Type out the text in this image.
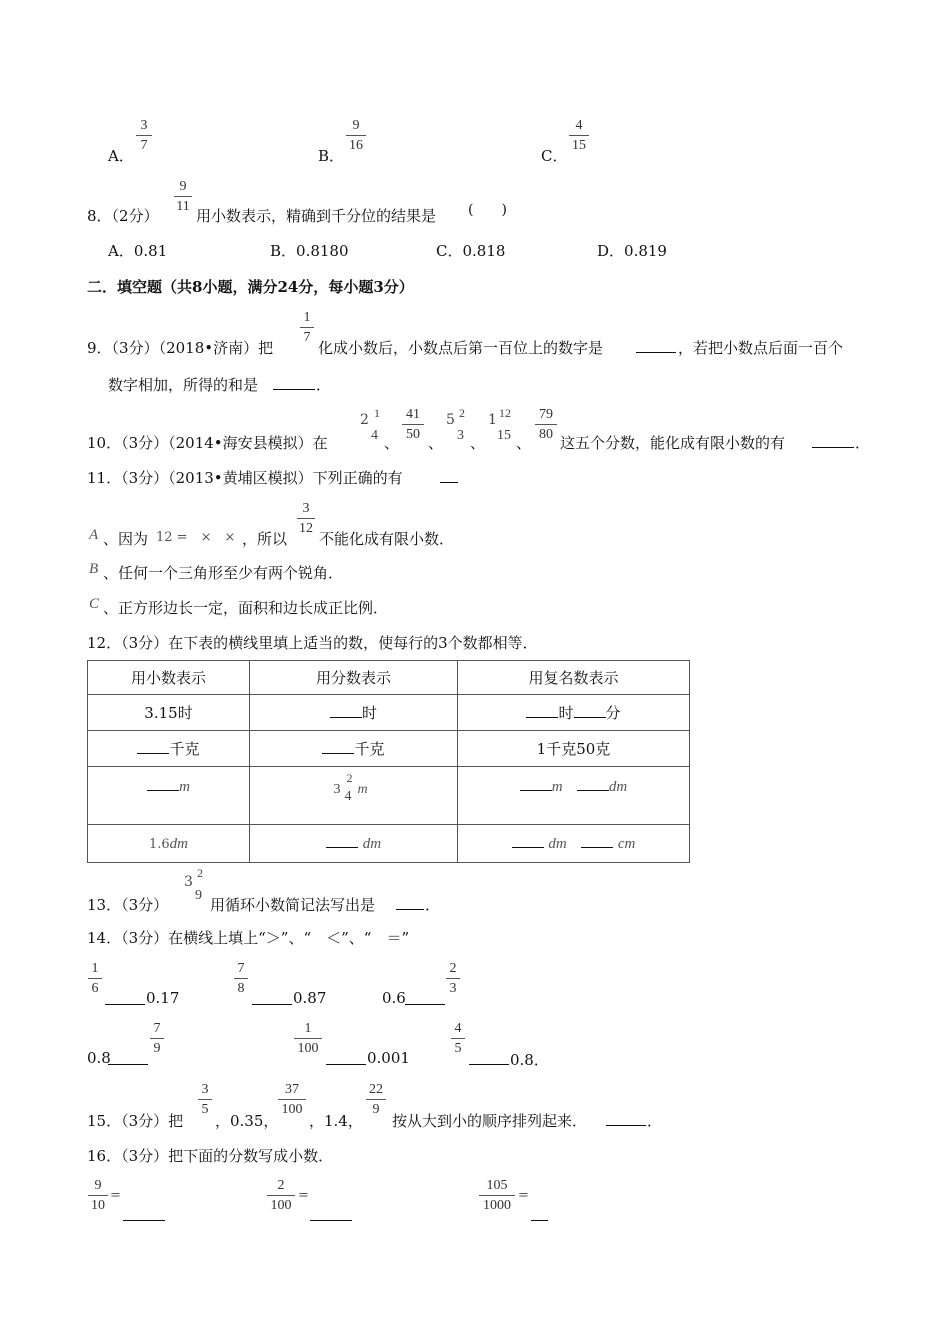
A．
$\frac{3}{7}$
B．
$\frac{9}{16}$
C．
$\frac{4}{15}$
8．（2分）
$\frac{9}{11}$
用小数表示，精确到千分位的结果是 (　　)
A．0.81	B．0.8180	C．0.818	D．0.819
二．填空题（共8小题，满分24分，每小题3分）
9．（3分）（2018•济南）把
$\frac{1}{7}$
化成小数后，小数点后第一百位上的数字是	，若把小数点后面一百个
数字相加，所得的和是	．
10．（3分）（2014•海安县模拟）在
2 1
4 、
$\frac{41}{50}$
、
5 2
3 、
1 12
15 、
$\frac{79}{80}$
这五个分数，能化成有限小数的有	．
11．（3分）（2013•黄埔区模拟）下列正确的有
A 、因为 12 =　×　× ，所以
$\frac{3}{12}$
不能化成有限小数．
B 、任何一个三角形至少有两个锐角．
C 、正方形边长一定，面积和边长成正比例．
12．（3分）在下表的横线里填上适当的数，使每行的3个数都相等．
用小数表示	用分数表示	用复名数表示
3.15时	时	时 分
千克	千克	1千克50克
m	3
2
4 m	m dm
1.6dm	dm	dm cm
13．（3分）
3
2
9
用循环小数简记法写出是	．
14．（3分）在横线上填上“＞”、“　＜”、“　＝”
$\frac{1}{6}$
0.17
$\frac{7}{8}$
0.87	0.6
$\frac{2}{3}$
0.8
$\frac{7}{9}$	$\frac{1}{100}$
0.001
$\frac{4}{5}$
0.8．
15．（3分）把
$\frac{3}{5}$
，0.35，
$\frac{37}{100}$
，1.4，
$\frac{22}{9}$
按从大到小的顺序排列起来．	．
16．（3分）把下面的分数写成小数．
$\frac{9}{10}$ =	$\frac{2}{100}$ =	$\frac{105}{1000}$ =
